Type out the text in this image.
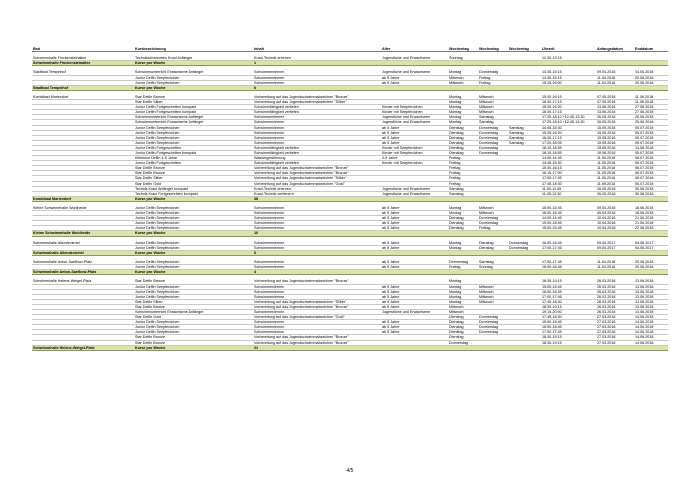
Bad	Kursbezeichnung	Inhalt	Alter	Wochentag	Wochentag	Wochentag	Uhrzeit	Anfangsdatum	Enddatum

Schwimmhalle Finckensteinallee	Technikschwimmen Kraul Anfänger	Kraul-Technik erlernen	Jugendliche und Erwachsene	Sonntag			12:30-13:15		
Schwimmhalle Finckensteinallee	Kurse pro Woche	1							

Stadtbad Tempelhof	Schwimmunterricht Erwachsene Anfänger	Schwimmenlernen	Jugendliche und Erwachsene	Montag	Donnerstag		14:30-15:15	09.04.2018	14.05.2018
	Junior Delfin Seepferdchen	Schwimmenlernen	ab 5 Jahre	Mittwoch	Freitag		14:30-15:15	11.04.2018	20.06.2018
	Junior Delfin Seepferdchen	Schwimmenlernen	ab 5 Jahre	Mittwoch	Freitag		15:15-16:00	11.04.2018	20.06.2018
Stadtbad Tempelhof	Kurse pro Woche	6							

Kombibad Mariendorf	Star Delfin Bronze	Vorbereitung auf das Jugendschwimmabzeichen "Bronze"		Montag	Mittwoch		15:30-16:15	07.05.2018	11.06.2018
	Star Delfin Silber	Vorbereitung auf das Jugendschwimmabzeichen "Silber"		Montag	Mittwoch		16:30-17:15	07.05.2018	11.06.2018
	Junior Delfin Fortgeschritten kompakt	Schwimmfähigkeit vertiefen	Kinder mit Seepferdchen	Montag	Mittwoch		15:30-16:20	13.06.2018	27.06.2018
	Junior Delfin Fortgeschritten kompakt	Schwimmfähigkeit vertiefen	Kinder mit Seepferdchen	Montag	Mittwoch		16:30-17:15	13.06.2018	27.06.2018
	Schwimmunterricht Erwachsene Anfänger	Schwimmenlernen	Jugendliche und Erwachsene	Montag	Samstag		17:25-18:10 / 12:45-13:30	26.05.2018	25.06.2018
	Schwimmunterricht Erwachsene Anfänger	Schwimmenlernen	Jugendliche und Erwachsene	Montag	Samstag		17:25-18:10 / 12:45-13:30	26.05.2018	25.06.2018
	Junior Delfin Seepferdchen	Schwimmenlernen	ab 5 Jahre	Dienstag	Donnerstag	Samstag	14:45-15:30	15.05.2018	05.07.2018
	Junior Delfin Seepferdchen	Schwimmenlernen	ab 5 Jahre	Dienstag	Donnerstag	Samstag	15:35-16:20	15.05.2018	05.07.2018
	Junior Delfin Seepferdchen	Schwimmenlernen	ab 5 Jahre	Dienstag	Donnerstag	Samstag	16:30-17:15	15.05.2018	05.07.2018
	Junior Delfin Seepferdchen	Schwimmenlernen	ab 5 Jahre	Dienstag	Donnerstag	Samstag	17:20-18:05	15.05.2018	05.07.2018
	Junior Delfin Fortgeschritten	Schwimmfähigkeit vertiefen	Kinder mit Seepferdchen	Dienstag	Donnerstag		18:10-18:55	15.05.2018	14.06.2018
	Junior Delfin Fortgeschritten kompakt	Schwimmfähigkeit vertiefen	Kinder mit Seepferdchen	Dienstag	Donnerstag		18:10-18:55	19.06.2018	05.07.2018
	Kleinkind Delfin 4-5 Jahre	Wassergewöhnung	4-5 Jahre	Freitag			14:00-14:45	11.05.2018	06.07.2018
	Junior Delfin Fortgeschritten	Schwimmfähigkeit vertiefen	Kinder mit Seepferdchen	Freitag			14:45-15:30	11.05.2018	06.07.2018
	Star Delfin Bronze	Vorbereitung auf das Jugendschwimmabzeichen "Bronze"		Freitag			15:30-16:15	11.05.2018	06.07.2018
	Star Delfin Bronze	Vorbereitung auf das Jugendschwimmabzeichen "Bronze"		Freitag			16:15-17:00	11.05.2018	06.07.2018
	Star Delfin Silber	Vorbereitung auf das Jugendschwimmabzeichen "Silber"		Freitag			17:00-17:45	11.05.2018	06.07.2018
	Star Delfin Gold	Vorbereitung auf das Jugendschwimmabzeichen "Gold"		Freitag			17:45-18:30	11.05.2018	06.07.2018
	Technik Kraul Anfänger kompakt	Kraul-Technik erlernen	Jugendliche und Erwachsene	Samstag			11:00-11:45	26.05.2018	30.06.2018
	Technik Kraul Fortgeschritten kompakt	Kraul-Technik verfeinern	Jugendliche und Erwachsene	Samstag			11:45-12:30	26.05.2018	30.06.2018
Kombibad Mariendorf	Kurse pro Woche	38							

Kleine Schwimmhalle Wuhlheide	Junior Delfin Seepferdchen	Schwimmenlernen	ab 5 Jahre	Montag	Mittwoch		15:00-15:45	09.04.2018	18.06.2018
	Junior Delfin Seepferdchen	Schwimmenlernen	ab 5 Jahre	Montag	Mittwoch		16:00-16:45	09.04.2018	18.06.2018
	Junior Delfin Seepferdchen	Schwimmenlernen	ab 5 Jahre	Dienstag	Donnerstag		14:00-14:45	10.04.2018	21.06.2018
	Junior Delfin Seepferdchen	Schwimmenlernen	ab 5 Jahre	Dienstag	Donnerstag		15:00-15:45	10.04.2018	21.06.2018
	Junior Delfin Seepferdchen	Schwimmenlernen	ab 5 Jahre	Dienstag	Freitag		15:00-15:45	10.04.2018	22.06.2018
Kleine Schwimmhalle Wuhlheide	Kurse pro Woche	10							

Schwimmhalle Allendeviertel	Junior Delfin Seepferdchen	Schwimmenlernen	ab 5 Jahre	Montag	Dienstag	Donnerstag	16:00-16:45	09.04.2017	04.06.2017
	Junior Delfin Seepferdchen	Schwimmenlernen	ab 5 Jahre	Montag	Dienstag	Donnerstag	17:00-17:45	09.04.2017	04.06.2017
Schwimmhalle Allendeviertel	Kurse pro Woche	6							

Schwimmhalle Anton-Saefkow-Platz	Junior Delfin Seepferdchen	Schwimmenlernen	ab 5 Jahre	Donnerstag	Samstag		17:00-17:45	11.04.2018	20.06.2018
	Junior Delfin Seepferdchen	Schwimmenlernen	ab 5 Jahre	Freitag	Sonntag		16:00-16:45	11.04.2018	20.06.2018
Schwimmhalle Anton-Saefkow-Platz	Kurse pro Woche	4							

Schwimmhalle Helene-Weigel-Platz	Star Delfin Bronze	Vorbereitung auf das Jugendschwimmabzeichen "Bronze"		Montag			18:30-19:15	26.03.2018	13.06.2018
	Junior Delfin Seepferdchen	Schwimmenlernen	ab 5 Jahre	Montag	Mittwoch		15:00-15:45	26.03.2018	13.06.2018
	Junior Delfin Seepferdchen	Schwimmenlernen	ab 5 Jahre	Montag	Mittwoch		16:00-16:45	26.03.2018	13.06.2018
	Junior Delfin Seepferdchen	Schwimmenlernen	ab 5 Jahre	Montag	Mittwoch		17:00-17:45	26.03.2018	13.06.2018
	Star Delfin Silber	Vorbereitung auf das Jugendschwimmabzeichen "Silber"	ab 5 Jahre	Montag	Mittwoch		17:45-18:30	26.03.2018	13.06.2018
	Star Delfin Bronze	Vorbereitung auf das Jugendschwimmabzeichen "Bronze"	ab 5 Jahre	Mittwoch			18:30-19:15	26.03.2018	13.06.2018
	Schwimmunterricht Erwachsene Anfänger	Schwimmenlernen	Jugendliche und Erwachsene	Mittwoch			19:15-20:00	26.03.2018	13.06.2018
	Star Delfin Gold	Vorbereitung auf das Jugendschwimmabzeichen "Gold"		Dienstag	Donnerstag		17:45-18:30	27.03.2018	14.06.2018
	Junior Delfin Seepferdchen	Schwimmenlernen	ab 5 Jahre	Dienstag	Donnerstag		15:00-15:45	27.03.2018	14.06.2018
	Junior Delfin Seepferdchen	Schwimmenlernen	ab 5 Jahre	Dienstag	Donnerstag		16:00-16:45	27.03.2018	14.06.2018
	Junior Delfin Seepferdchen	Schwimmenlernen	ab 5 Jahre	Dienstag	Donnerstag		17:00-17:45	27.03.2018	14.06.2018
	Star Delfin Bronze	Vorbereitung auf das Jugendschwimmabzeichen "Bronze"		Dienstag			18:30-19:15	27.03.2018	14.06.2018
	Star Delfin Bronze	Vorbereitung auf das Jugendschwimmabzeichen "Bronze"		Donnerstag			18:30-19:15	27.03.2018	14.06.2018
Schwimmhalle Helene-Weigel-Platz	Kurse pro Woche	21							
4/5
